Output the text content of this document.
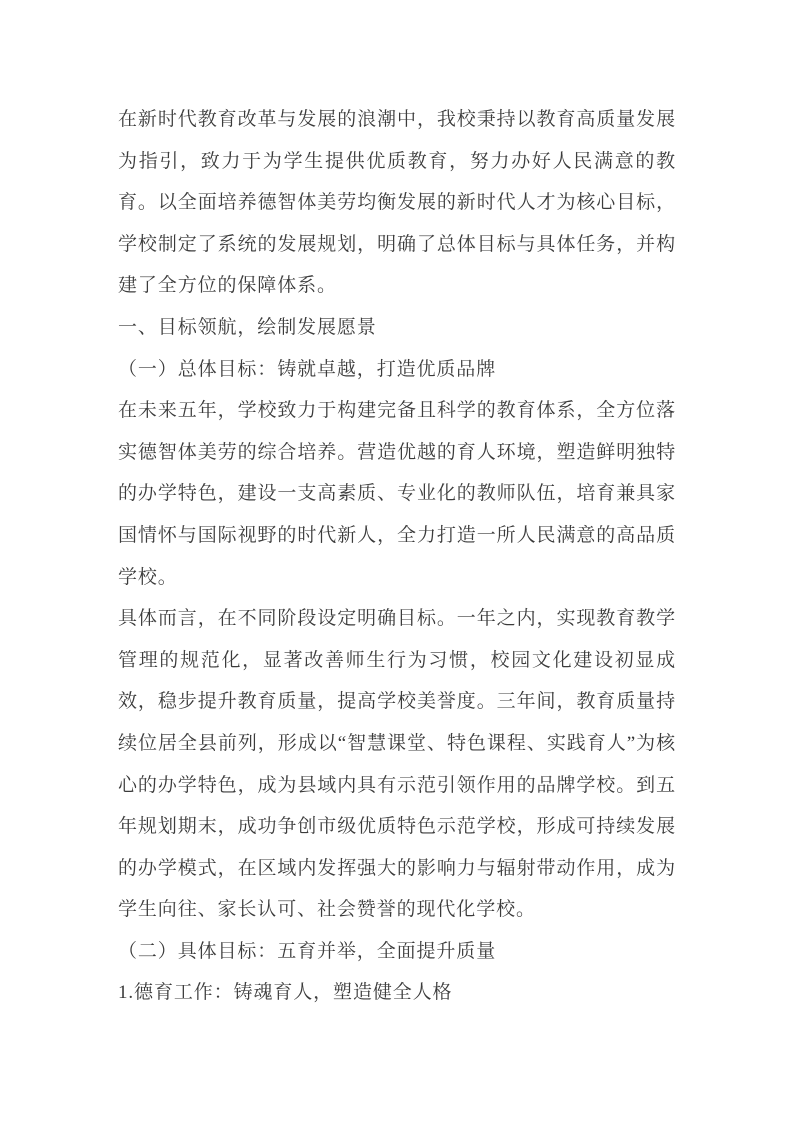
在新时代教育改革与发展的浪潮中，我校秉持以教育高质量发展为指引，致力于为学生提供优质教育，努力办好人民满意的教育。以全面培养德智体美劳均衡发展的新时代人才为核心目标，学校制定了系统的发展规划，明确了总体目标与具体任务，并构建了全方位的保障体系。

一、目标领航，绘制发展愿景

（一）总体目标：铸就卓越，打造优质品牌

在未来五年，学校致力于构建完备且科学的教育体系，全方位落实德智体美劳的综合培养。营造优越的育人环境，塑造鲜明独特的办学特色，建设一支高素质、专业化的教师队伍，培育兼具家国情怀与国际视野的时代新人，全力打造一所人民满意的高品质学校。

具体而言，在不同阶段设定明确目标。一年之内，实现教育教学管理的规范化，显著改善师生行为习惯，校园文化建设初显成效，稳步提升教育质量，提高学校美誉度。三年间，教育质量持续位居全县前列，形成以“智慧课堂、特色课程、实践育人”为核心的办学特色，成为县域内具有示范引领作用的品牌学校。到五年规划期末，成功争创市级优质特色示范学校，形成可持续发展的办学模式，在区域内发挥强大的影响力与辐射带动作用，成为学生向往、家长认可、社会赞誉的现代化学校。

（二）具体目标：五育并举，全面提升质量

1.德育工作：铸魂育人，塑造健全人格
